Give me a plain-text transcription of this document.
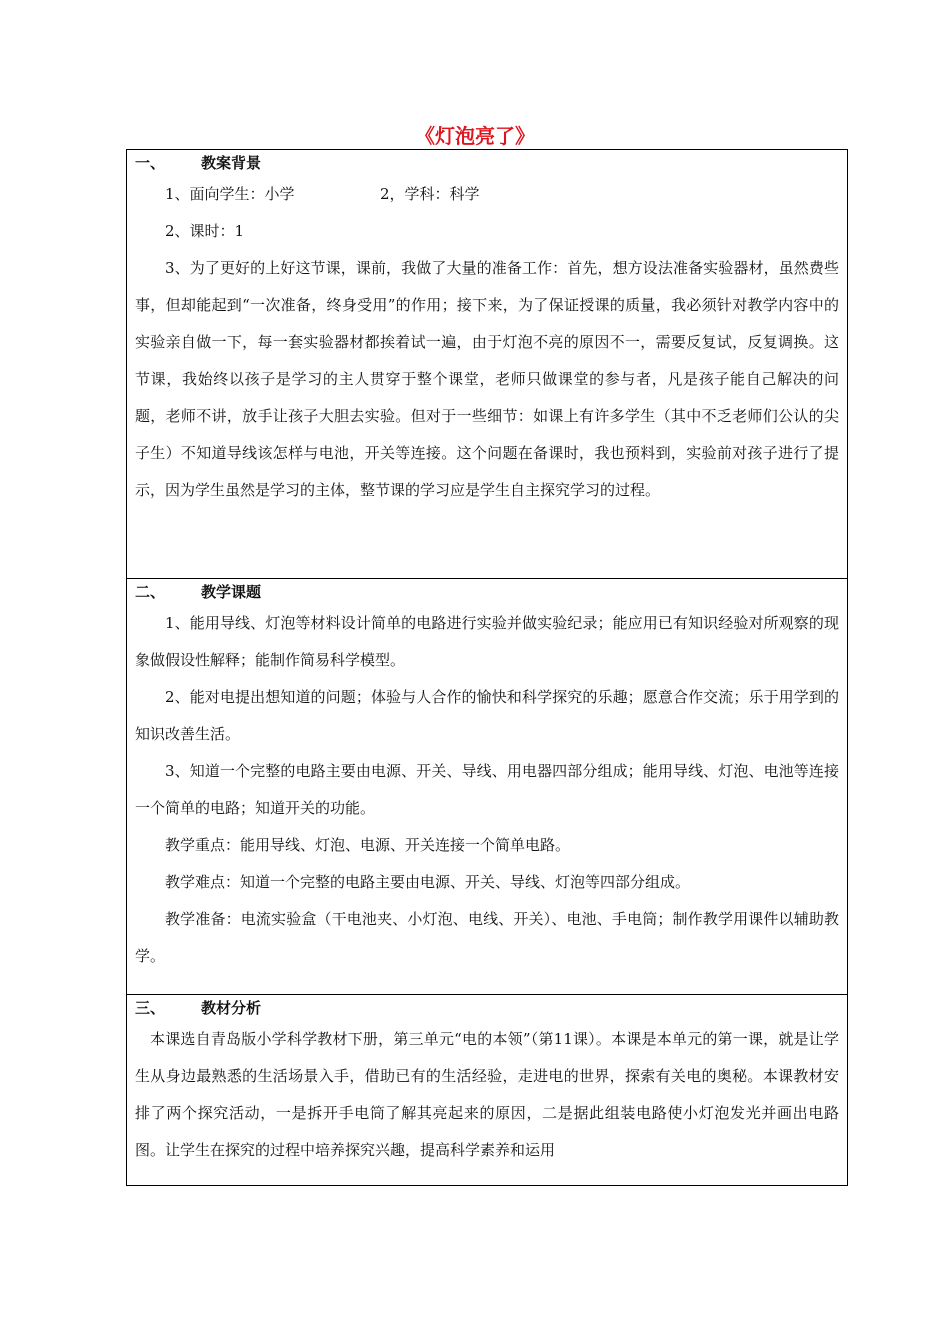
《灯泡亮了》
一、	教案背景
1、面向学生：小学	2，学科：科学

2、课时：1

3、为了更好的上好这节课，课前，我做了大量的准备工作：首先，想方设法准备实验器材，虽然费些事，但却能起到“一次准备，终身受用”的作用；接下来，为了保证授课的质量，我必须针对教学内容中的实验亲自做一下，每一套实验器材都挨着试一遍，由于灯泡不亮的原因不一，需要反复试，反复调换。这节课，我始终以孩子是学习的主人贯穿于整个课堂，老师只做课堂的参与者，凡是孩子能自己解决的问题，老师不讲，放手让孩子大胆去实验。但对于一些细节：如课上有许多学生（其中不乏老师们公认的尖子生）不知道导线该怎样与电池，开关等连接。这个问题在备课时，我也预料到，实验前对孩子进行了提示，因为学生虽然是学习的主体，整节课的学习应是学生自主探究学习的过程。

二、	教学课题

1、能用导线、灯泡等材料设计简单的电路进行实验并做实验纪录；能应用已有知识经验对所观察的现象做假设性解释；能制作简易科学模型。

2、能对电提出想知道的问题；体验与人合作的愉快和科学探究的乐趣；愿意合作交流；乐于用学到的知识改善生活。

3、知道一个完整的电路主要由电源、开关、导线、用电器四部分组成；能用导线、灯泡、电池等连接一个简单的电路；知道开关的功能。

教学重点：能用导线、灯泡、电源、开关连接一个简单电路。

教学难点：知道一个完整的电路主要由电源、开关、导线、灯泡等四部分组成。

教学准备：电流实验盒（干电池夹、小灯泡、电线、开关）、电池、手电筒；制作教学用课件以辅助教学。

三、	教材分析

本课选自青岛版小学科学教材下册，第三单元“电的本领”（第11课）。本课是本单元的第一课，就是让学生从身边最熟悉的生活场景入手，借助已有的生活经验，走进电的世界，探索有关电的奥秘。本课教材安排了两个探究活动，一是拆开手电筒了解其亮起来的原因，二是据此组装电路使小灯泡发光并画出电路图。让学生在探究的过程中培养探究兴趣，提高科学素养和运用
